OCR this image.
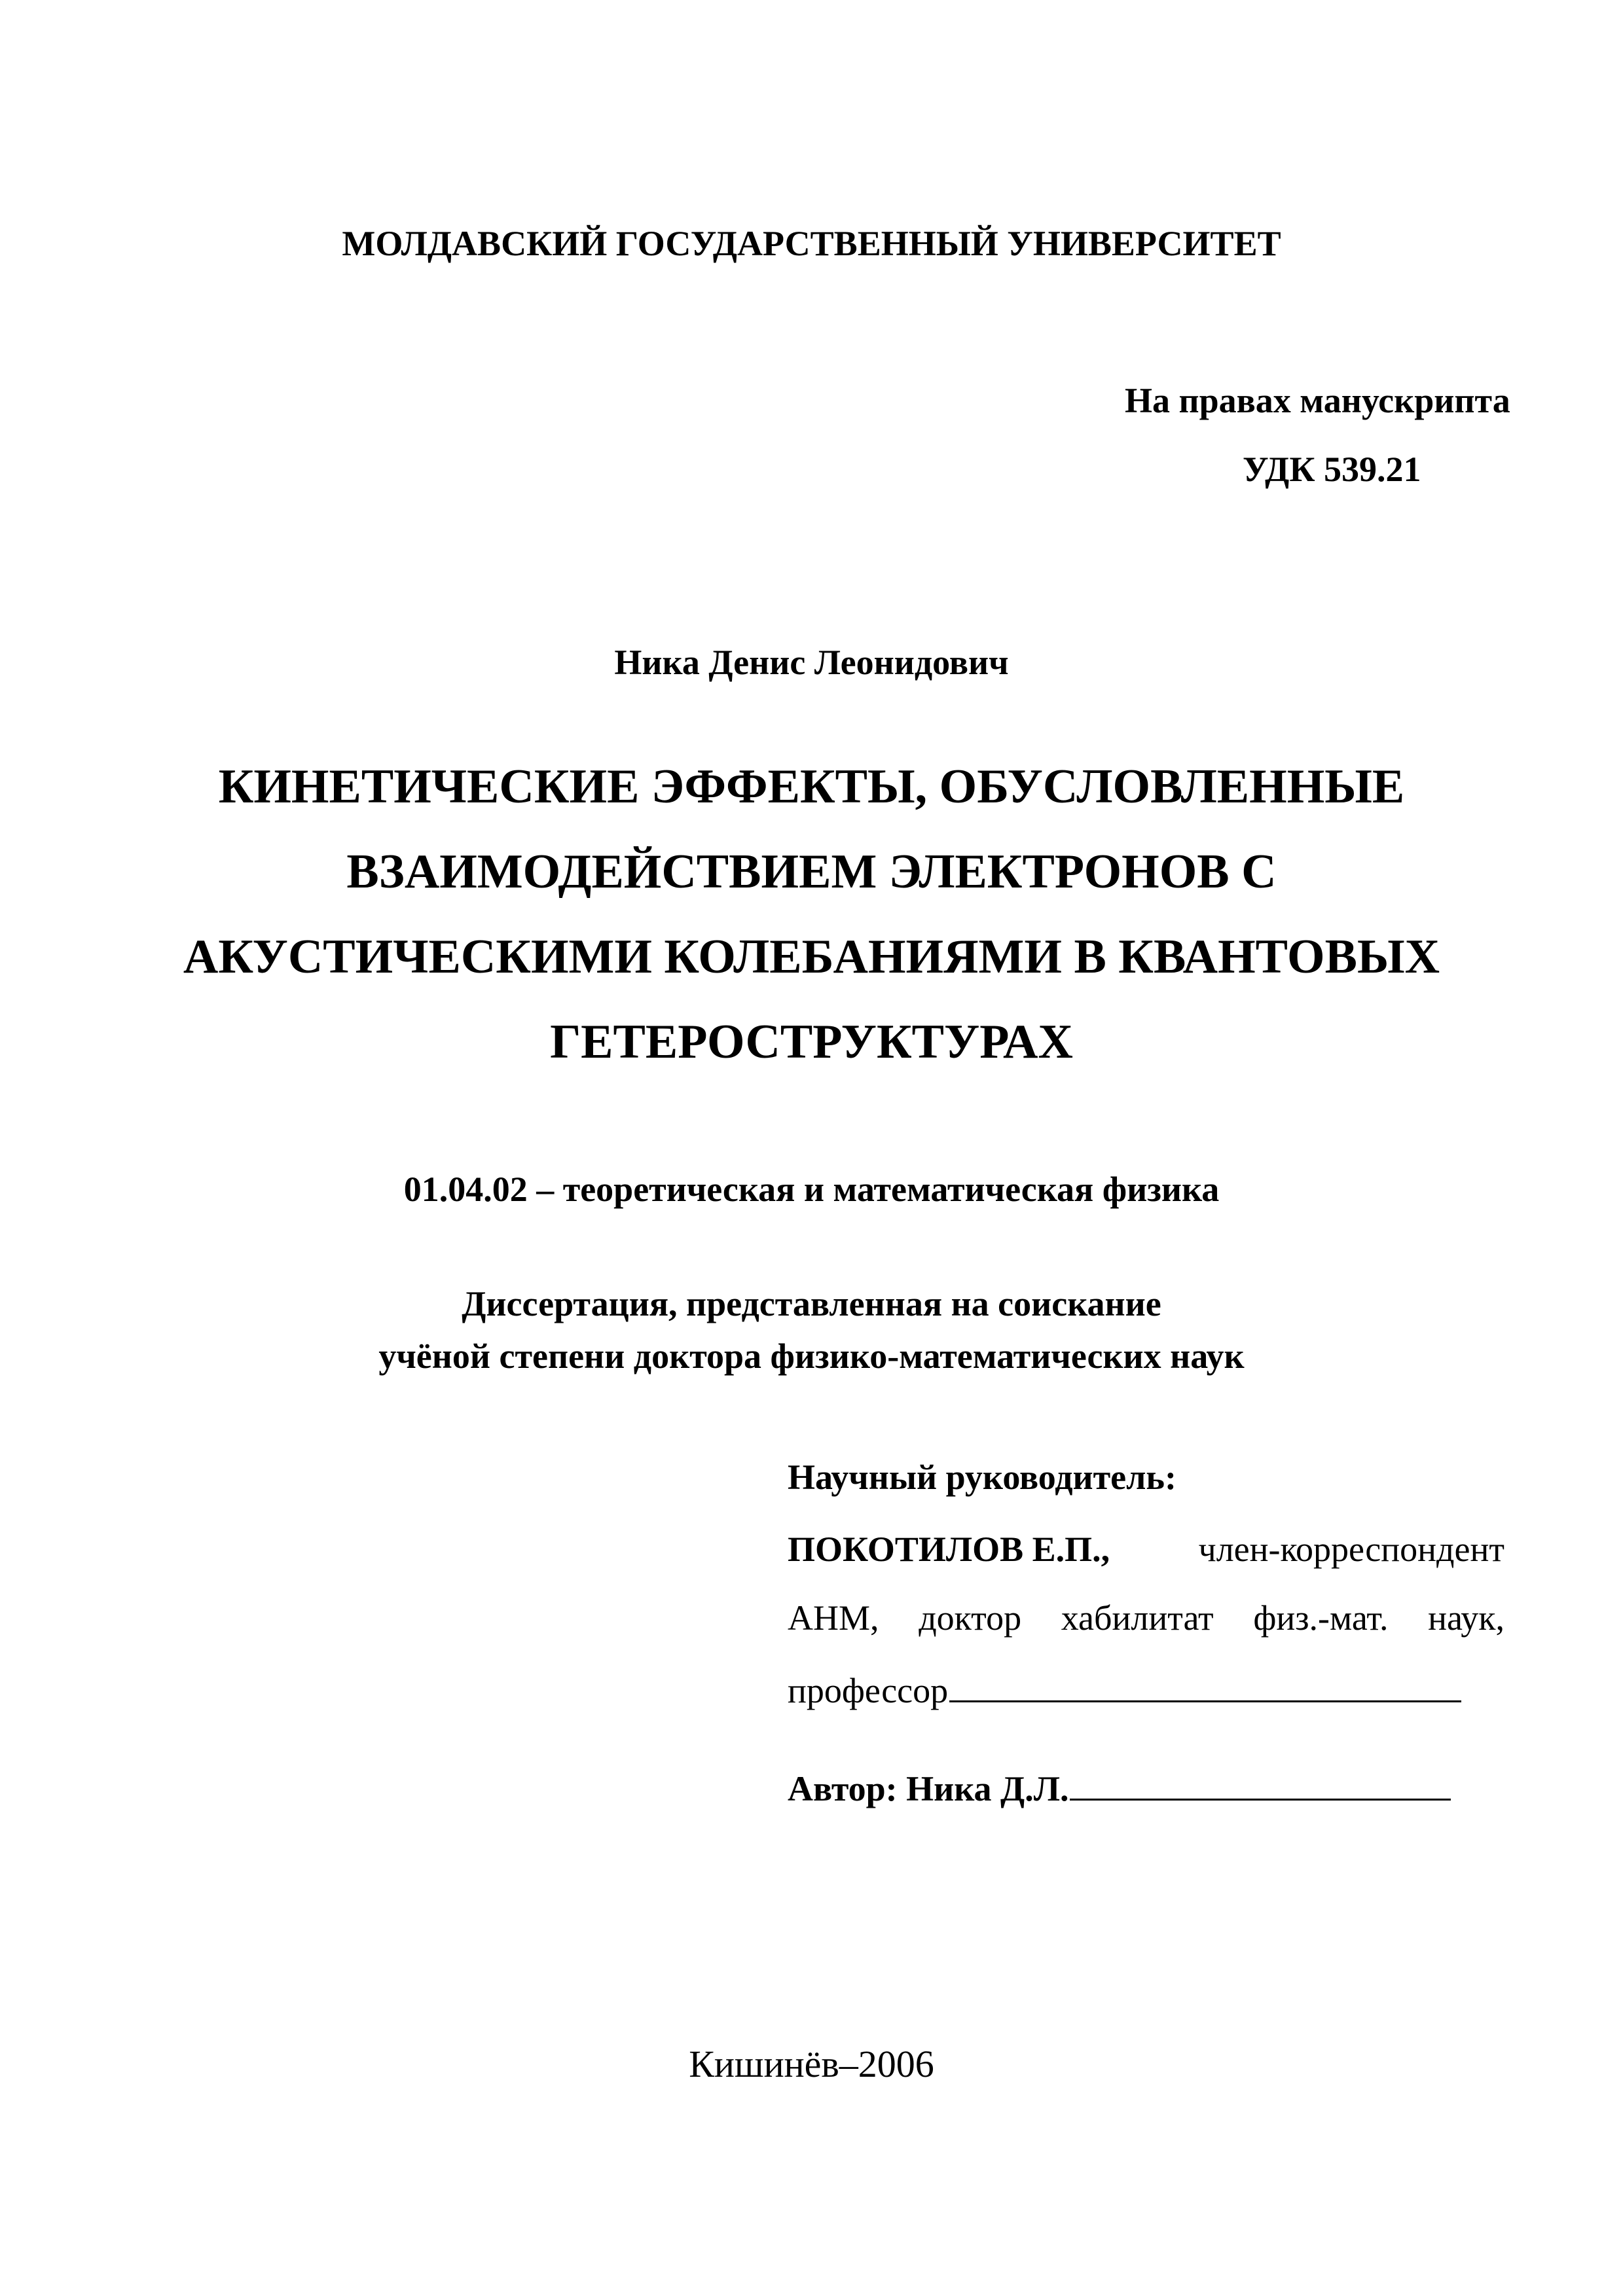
МОЛДАВСКИЙ ГОСУДАРСТВЕННЫЙ УНИВЕРСИТЕТ
На правах манускрипта
УДК 539.21
Ника Денис Леонидович
КИНЕТИЧЕСКИЕ ЭФФЕКТЫ, ОБУСЛОВЛЕННЫЕ
ВЗАИМОДЕЙСТВИЕМ ЭЛЕКТРОНОВ С
АКУСТИЧЕСКИМИ КОЛЕБАНИЯМИ В КВАНТОВЫХ
ГЕТЕРОСТРУКТУРАХ
01.04.02 – теоретическая и математическая физика
Диссертация, представленная на соискание
учёной степени доктора физико-математических наук
Научный руководитель:
ПОКОТИЛОВ Е.П.,	член-корреспондент
АНМ, доктор хабилитат физ.-мат. наук,
профессор
Автор: Ника Д.Л.
Кишинёв–2006
